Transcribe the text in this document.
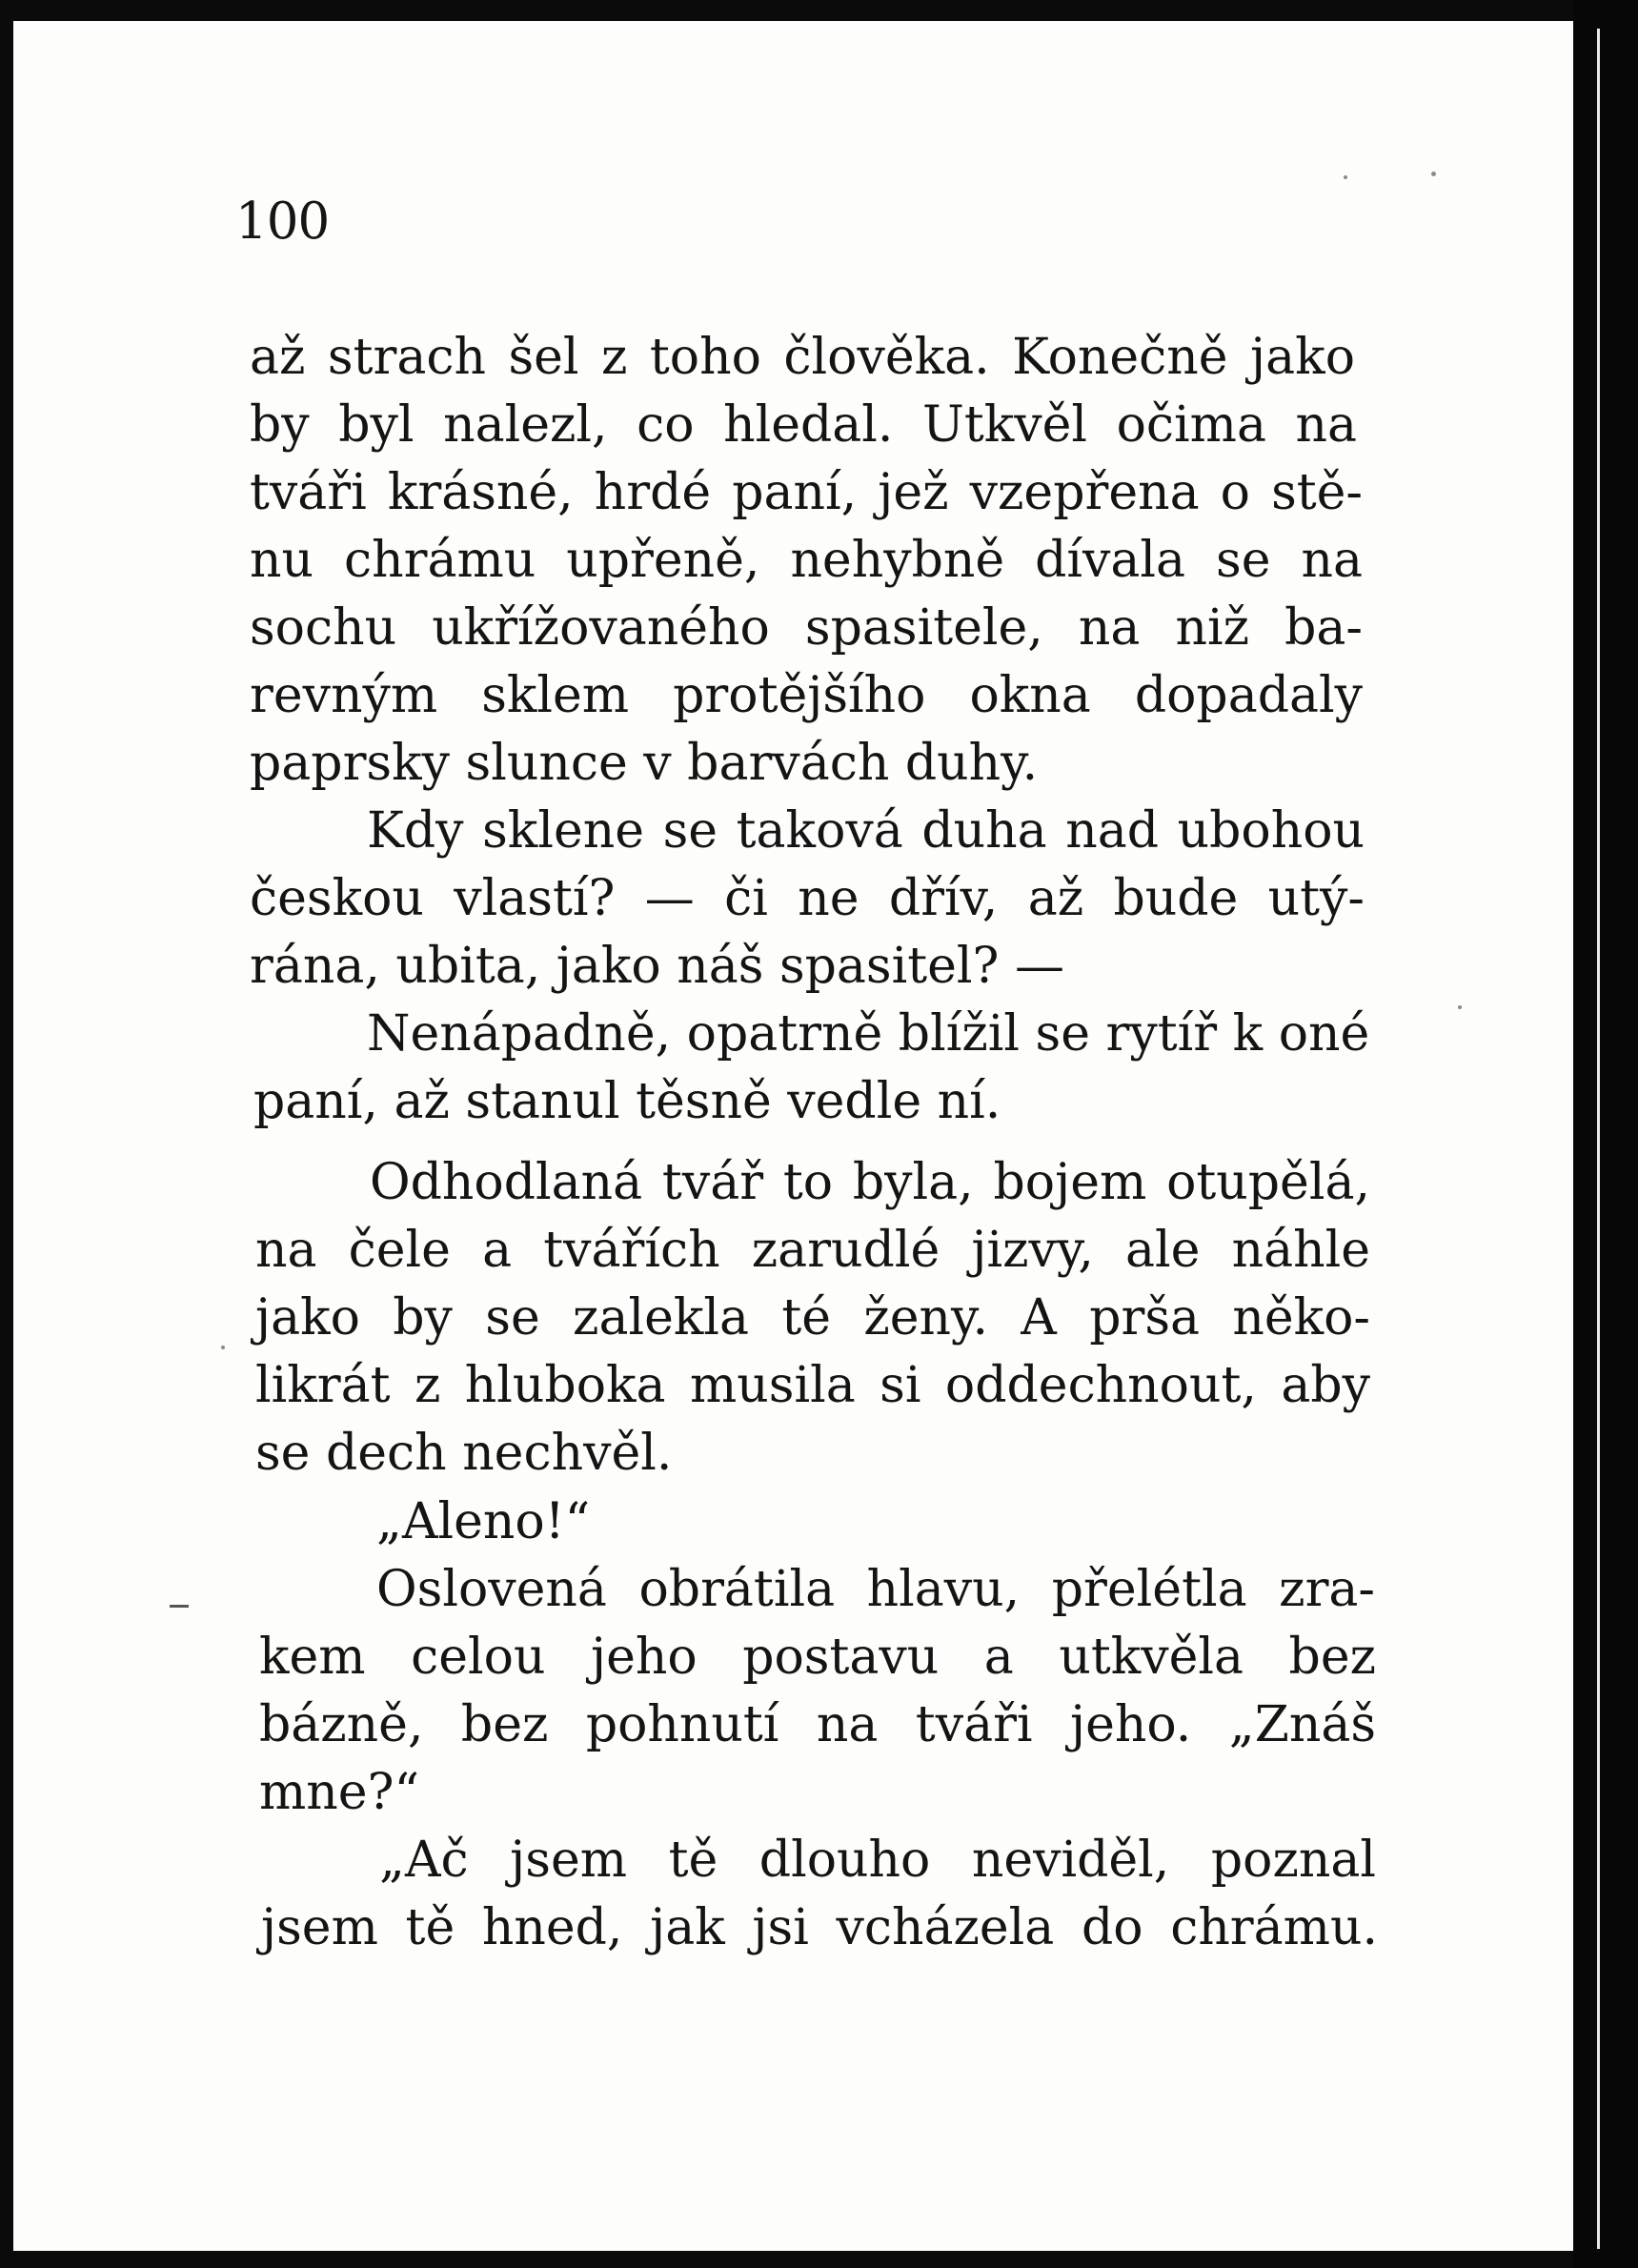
100

až strach šel z toho člověka. Konečně jako

by byl nalezl, co hledal. Utkvěl očima na

tváři krásné, hrdé paní, jež vzepřena o stě-

nu chrámu upřeně, nehybně dívala se na

sochu ukřížovaného spasitele, na niž ba-

revným sklem protějšího okna dopadaly

paprsky slunce v barvách duhy.

Kdy sklene se taková duha nad ubohou

českou vlastí? — či ne dřív, až bude utý-

rána, ubita, jako náš spasitel? —

Nenápadně, opatrně blížil se rytíř k oné

paní, až stanul těsně vedle ní.

Odhodlaná tvář to byla, bojem otupělá,

na čele a tvářích zarudlé jizvy, ale náhle

jako by se zalekla té ženy. A prša něko-

likrát z hluboka musila si oddechnout, aby

se dech nechvěl.

„Aleno!“

Oslovená obrátila hlavu, přelétla zra-

kem celou jeho postavu a utkvěla bez

bázně, bez pohnutí na tváři jeho. „Znáš

mne?“

„Ač jsem tě dlouho neviděl, poznal

jsem tě hned, jak jsi vcházela do chrámu.
